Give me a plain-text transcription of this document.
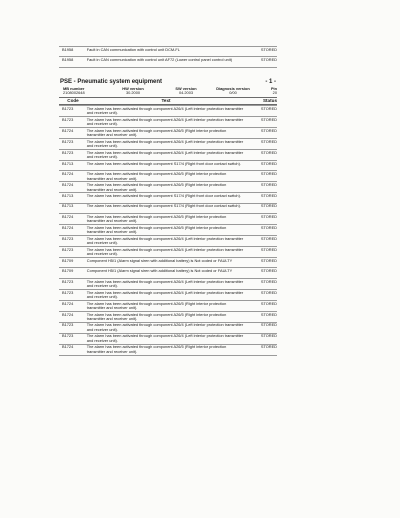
B1958	Fault in CAN communication with control unit DCM-FL	STORED
B1958	Fault in CAN communication with control unit AF72 (Lower control panel control unit)	STORED
PSE - Pneumatic system equipment	- 1 -
MB number	HW version	SW version	Diagnosis version	Pin
2108002648	30.2000	04.2003	0/00	20
Code	Text	Status
B1723	The alarm has been activated through component A26/4 (Left interior protection transmitter and receiver unit).
STORED
B1723	The alarm has been activated through component A26/4 (Left interior protection transmitter and receiver unit).
STORED
B1724	The alarm has been activated through component A26/5 (Right interior protection transmitter and receiver unit).
STORED
B1723	The alarm has been activated through component A26/4 (Left interior protection transmitter and receiver unit).
STORED
B1723	The alarm has been activated through component A26/4 (Left interior protection transmitter and receiver unit).
STORED
B1713	The alarm has been activated through component S17/4 (Right front door contact switch).	STORED
B1724	The alarm has been activated through component A26/5 (Right interior protection transmitter and receiver unit).
STORED
B1724	The alarm has been activated through component A26/5 (Right interior protection transmitter and receiver unit).
STORED
B1713	The alarm has been activated through component S17/4 (Right front door contact switch).	STORED
B1713	The alarm has been activated through component S17/4 (Right front door contact switch).	STORED
B1724	The alarm has been activated through component A26/5 (Right interior protection transmitter and receiver unit).
STORED
B1724	The alarm has been activated through component A26/5 (Right interior protection transmitter and receiver unit).
STORED
B1723	The alarm has been activated through component A26/4 (Left interior protection transmitter and receiver unit).
STORED
B1723	The alarm has been activated through component A26/4 (Left interior protection transmitter and receiver unit).
STORED
B1709	Component H5/1 (Alarm signal siren with additional battery) is Not coded or FAULTY	STORED
B1709	Component H5/1 (Alarm signal siren with additional battery) is Not coded or FAULTY	STORED
B1723	The alarm has been activated through component A26/4 (Left interior protection transmitter and receiver unit).
STORED
B1723	The alarm has been activated through component A26/4 (Left interior protection transmitter and receiver unit).
STORED
B1724	The alarm has been activated through component A26/5 (Right interior protection transmitter and receiver unit).
STORED
B1724	The alarm has been activated through component A26/5 (Right interior protection transmitter and receiver unit).
STORED
B1723	The alarm has been activated through component A26/4 (Left interior protection transmitter and receiver unit).
STORED
B1723	The alarm has been activated through component A26/4 (Left interior protection transmitter and receiver unit).
STORED
B1724	The alarm has been activated through component A26/5 (Right interior protection transmitter and receiver unit).
STORED
